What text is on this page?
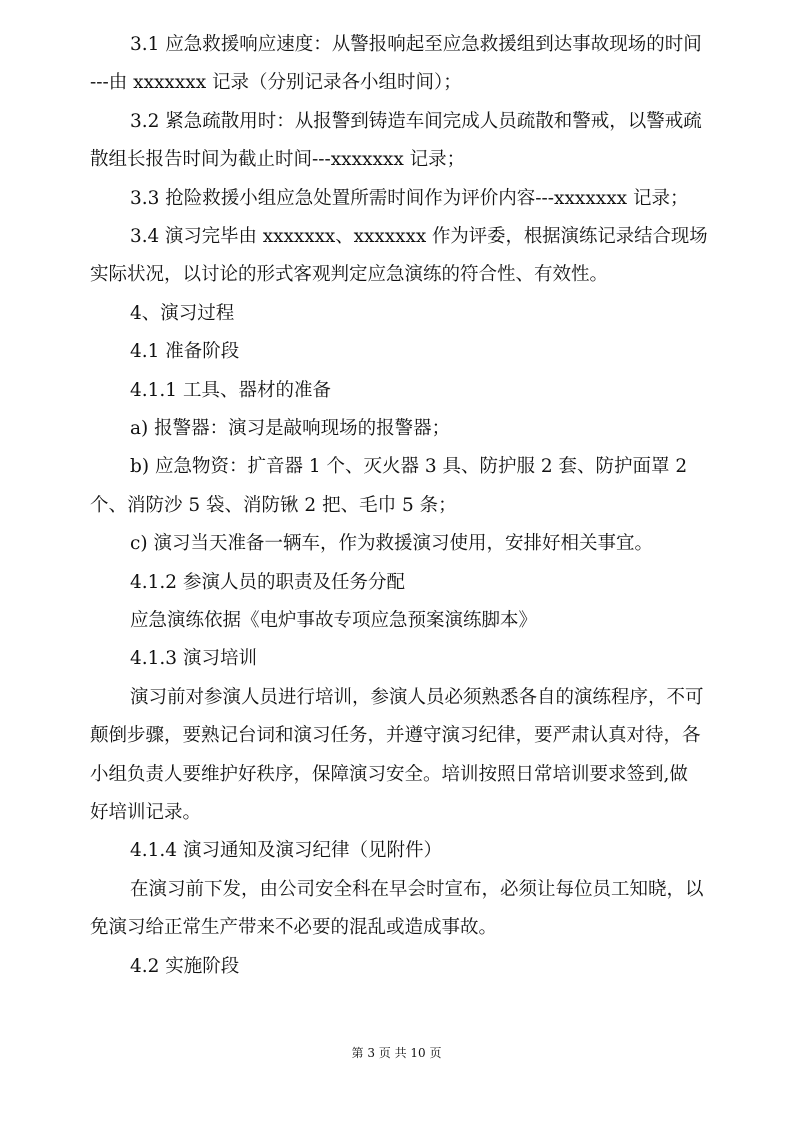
3.1 应急救援响应速度：从警报响起至应急救援组到达事故现场的时间
---由 xxxxxxx 记录（分别记录各小组时间）；
3.2 紧急疏散用时：从报警到铸造车间完成人员疏散和警戒，以警戒疏
散组长报告时间为截止时间---xxxxxxx 记录；
3.3 抢险救援小组应急处置所需时间作为评价内容---xxxxxxx 记录；
3.4 演习完毕由 xxxxxxx、xxxxxxx 作为评委，根据演练记录结合现场
实际状况，以讨论的形式客观判定应急演练的符合性、有效性。
4、演习过程
4.1 准备阶段
4.1.1 工具、器材的准备
a) 报警器：演习是敲响现场的报警器；
b) 应急物资：扩音器 1 个、灭火器 3 具、防护服 2 套、防护面罩 2
个、消防沙 5 袋、消防锹 2 把、毛巾 5 条；
c) 演习当天准备一辆车，作为救援演习使用，安排好相关事宜。
4.1.2 参演人员的职责及任务分配
应急演练依据《电炉事故专项应急预案演练脚本》
4.1.3 演习培训
演习前对参演人员进行培训，参演人员必须熟悉各自的演练程序，不可
颠倒步骤，要熟记台词和演习任务，并遵守演习纪律，要严肃认真对待，各
小组负责人要维护好秩序，保障演习安全。培训按照日常培训要求签到,做
好培训记录。
4.1.4 演习通知及演习纪律（见附件）
在演习前下发，由公司安全科在早会时宣布，必须让每位员工知晓，以
免演习给正常生产带来不必要的混乱或造成事故。
4.2 实施阶段
第 3 页 共 10 页
